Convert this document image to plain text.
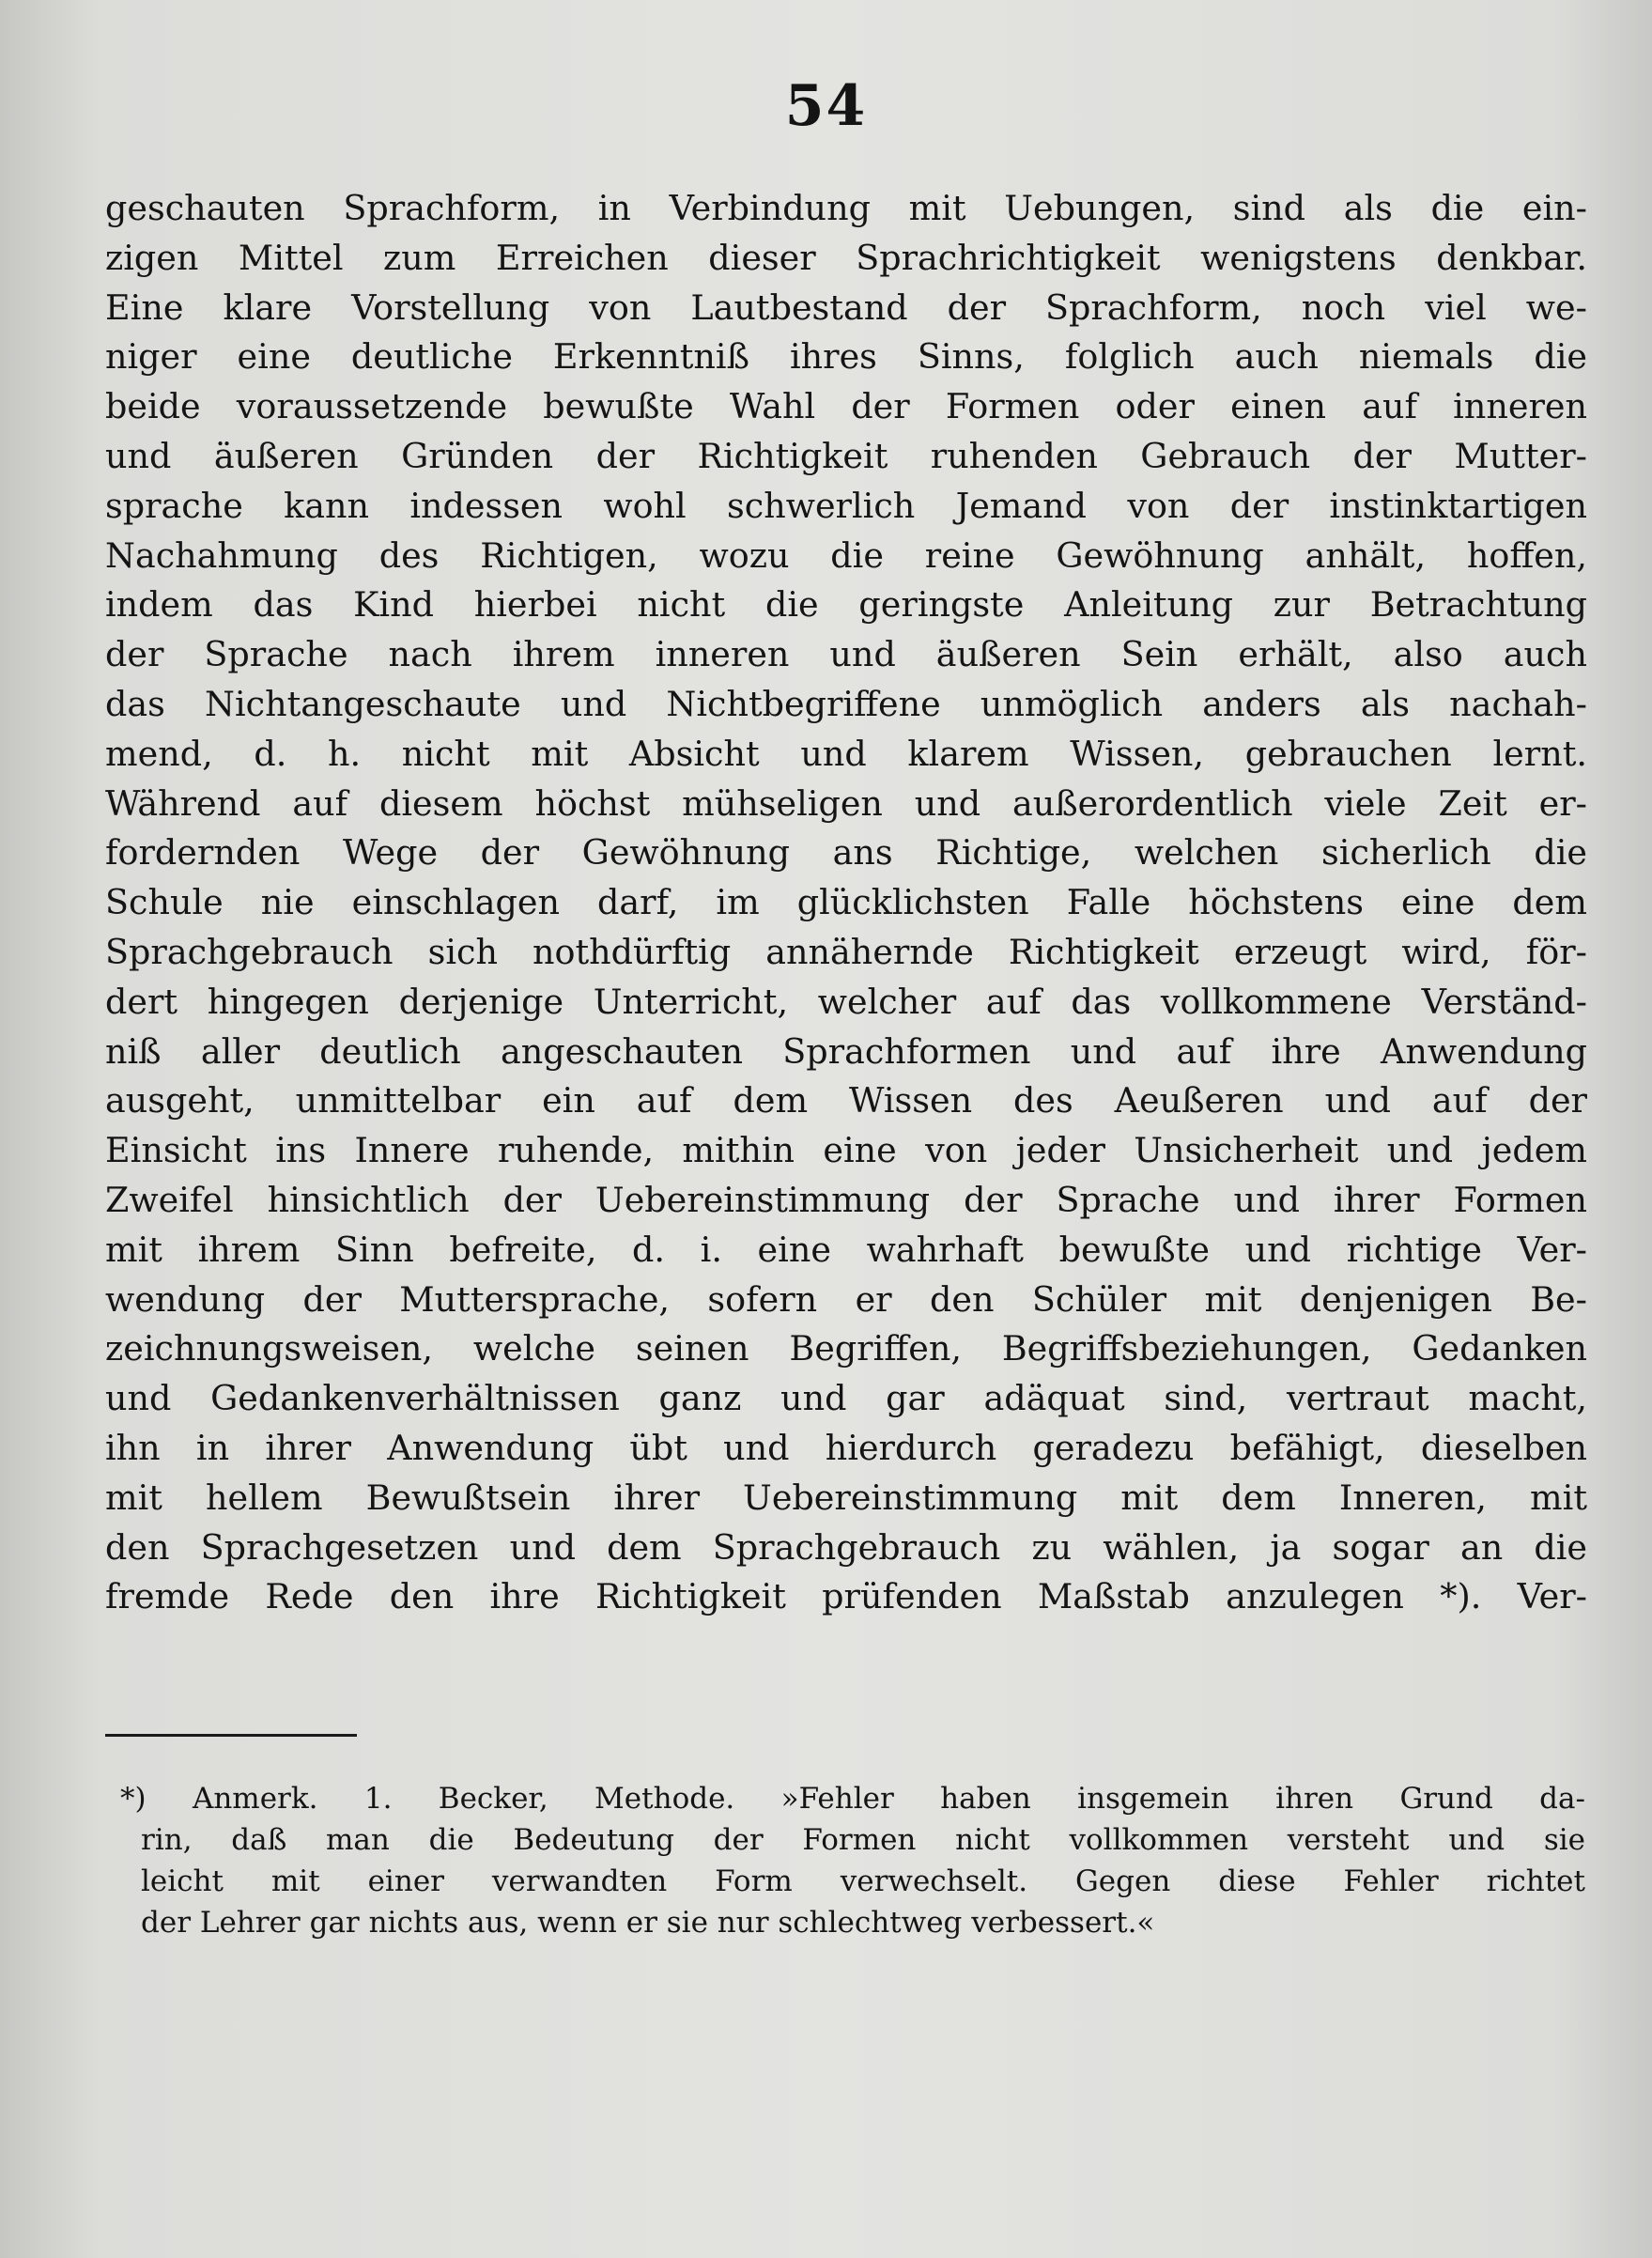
54
geschauten Sprachform, in Verbindung mit Uebungen, sind als die ein-
zigen Mittel zum Erreichen dieser Sprachrichtigkeit wenigstens denkbar.
Eine klare Vorstellung von Lautbestand der Sprachform, noch viel we-
niger eine deutliche Erkenntniß ihres Sinns, folglich auch niemals die
beide voraussetzende bewußte Wahl der Formen oder einen auf inneren
und äußeren Gründen der Richtigkeit ruhenden Gebrauch der Mutter-
sprache kann indessen wohl schwerlich Jemand von der instinktartigen
Nachahmung des Richtigen, wozu die reine Gewöhnung anhält, hoffen,
indem das Kind hierbei nicht die geringste Anleitung zur Betrachtung
der Sprache nach ihrem inneren und äußeren Sein erhält, also auch
das Nichtangeschaute und Nichtbegriffene unmöglich anders als nachah-
mend, d. h. nicht mit Absicht und klarem Wissen, gebrauchen lernt.
Während auf diesem höchst mühseligen und außerordentlich viele Zeit er-
fordernden Wege der Gewöhnung ans Richtige, welchen sicherlich die
Schule nie einschlagen darf, im glücklichsten Falle höchstens eine dem
Sprachgebrauch sich nothdürftig annähernde Richtigkeit erzeugt wird, för-
dert hingegen derjenige Unterricht, welcher auf das vollkommene Verständ-
niß aller deutlich angeschauten Sprachformen und auf ihre Anwendung
ausgeht, unmittelbar ein auf dem Wissen des Aeußeren und auf der
Einsicht ins Innere ruhende, mithin eine von jeder Unsicherheit und jedem
Zweifel hinsichtlich der Uebereinstimmung der Sprache und ihrer Formen
mit ihrem Sinn befreite, d. i. eine wahrhaft bewußte und richtige Ver-
wendung der Muttersprache, sofern er den Schüler mit denjenigen Be-
zeichnungsweisen, welche seinen Begriffen, Begriffsbeziehungen, Gedanken
und Gedankenverhältnissen ganz und gar adäquat sind, vertraut macht,
ihn in ihrer Anwendung übt und hierdurch geradezu befähigt, dieselben
mit hellem Bewußtsein ihrer Uebereinstimmung mit dem Inneren, mit
den Sprachgesetzen und dem Sprachgebrauch zu wählen, ja sogar an die
fremde Rede den ihre Richtigkeit prüfenden Maßstab anzulegen *). Ver-
*) Anmerk. 1. Becker, Methode. »Fehler haben insgemein ihren Grund da-
rin, daß man die Bedeutung der Formen nicht vollkommen versteht und sie
leicht mit einer verwandten Form verwechselt. Gegen diese Fehler richtet
der Lehrer gar nichts aus, wenn er sie nur schlechtweg verbessert.«
